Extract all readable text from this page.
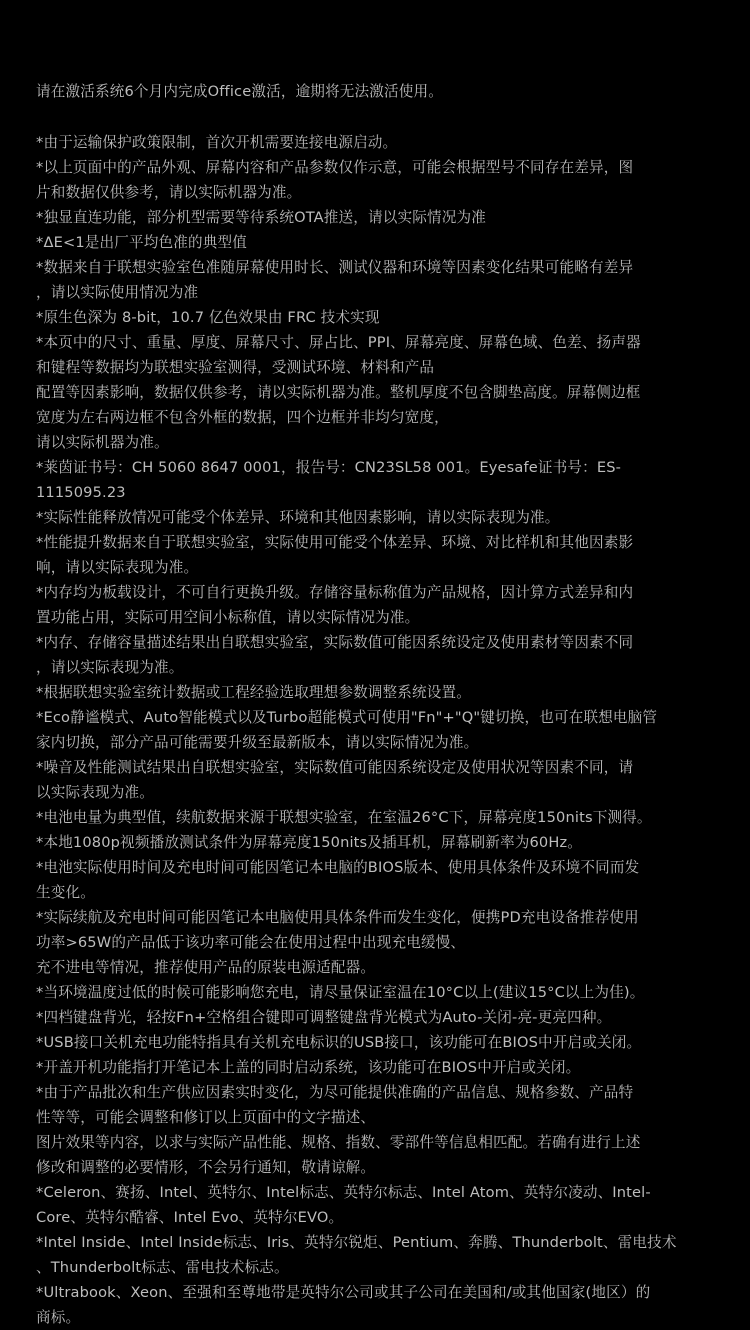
请在激活系统6个月内完成Office激活，逾期将无法激活使用。
*由于运输保护政策限制，首次开机需要连接电源启动。
*以上页面中的产品外观、屏幕内容和产品参数仅作示意，可能会根据型号不同存在差异，图
片和数据仅供参考，请以实际机器为准。
*独显直连功能，部分机型需要等待系统OTA推送，请以实际情况为准
*ΔE<1是出厂平均色准的典型值
*数据来自于联想实验室色准随屏幕使用时长、测试仪器和环境等因素变化结果可能略有差异
，请以实际使用情况为准
*原生色深为 8-bit，10.7 亿色效果由 FRC 技术实现
*本页中的尺寸、重量、厚度、屏幕尺寸、屏占比、PPI、屏幕亮度、屏幕色域、色差、扬声器
和键程等数据均为联想实验室测得，受测试环境、材料和产品
配置等因素影响，数据仅供参考，请以实际机器为准。整机厚度不包含脚垫高度。屏幕侧边框
宽度为左右两边框不包含外框的数据，四个边框并非均匀宽度，
请以实际机器为准。
*莱茵证书号：CH 5060 8647 0001，报告号：CN23SL58 001。Eyesafe证书号：ES-
1115095.23
*实际性能释放情况可能受个体差异、环境和其他因素影响，请以实际表现为准。
*性能提升数据来自于联想实验室，实际使用可能受个体差异、环境、对比样机和其他因素影
响，请以实际表现为准。
*内存均为板载设计，不可自行更换升级。存储容量标称值为产品规格，因计算方式差异和内
置功能占用，实际可用空间小标称值，请以实际情况为准。
*内存、存储容量描述结果出自联想实验室，实际数值可能因系统设定及使用素材等因素不同
，请以实际表现为准。
*根据联想实验室统计数据或工程经验选取理想参数调整系统设置。
*Eco静谧模式、Auto智能模式以及Turbo超能模式可使用"Fn"+"Q"键切换，也可在联想电脑管
家内切换，部分产品可能需要升级至最新版本，请以实际情况为准。
*噪音及性能测试结果出自联想实验室，实际数值可能因系统设定及使用状况等因素不同，请
以实际表现为准。
*电池电量为典型值，续航数据来源于联想实验室，在室温26°C下，屏幕亮度150nits下测得。
*本地1080p视频播放测试条件为屏幕亮度150nits及插耳机，屏幕刷新率为60Hz。
*电池实际使用时间及充电时间可能因笔记本电脑的BIOS版本、使用具体条件及环境不同而发
生变化。
*实际续航及充电时间可能因笔记本电脑使用具体条件而发生变化，便携PD充电设备推荐使用
功率>65W的产品低于该功率可能会在使用过程中出现充电缓慢、
充不进电等情况，推荐使用产品的原装电源适配器。
*当环境温度过低的时候可能影响您充电，请尽量保证室温在10°C以上(建议15°C以上为佳)。
*四档键盘背光，轻按Fn+空格组合键即可调整键盘背光模式为Auto-关闭-亮-更亮四种。
*USB接口关机充电功能特指具有关机充电标识的USB接口，该功能可在BIOS中开启或关闭。
*开盖开机功能指打开笔记本上盖的同时启动系统，该功能可在BIOS中开启或关闭。
*由于产品批次和生产供应因素实时变化，为尽可能提供准确的产品信息、规格参数、产品特
性等等，可能会调整和修订以上页面中的文字描述、
图片效果等内容，以求与实际产品性能、规格、指数、零部件等信息相匹配。若确有进行上述
修改和调整的必要情形，不会另行通知，敬请谅解。
*Celeron、赛扬、Intel、英特尔、Intel标志、英特尔标志、Intel Atom、英特尔凌动、Intel-
Core、英特尔酷睿、Intel Evo、英特尔EVO。
*Intel Inside、Intel Inside标志、Iris、英特尔锐炬、Pentium、奔腾、Thunderbolt、雷电技术
、Thunderbolt标志、雷电技术标志。
*Ultrabook、Xeon、至强和至尊地带是英特尔公司或其子公司在美国和/或其他国家(地区）的
商标。
